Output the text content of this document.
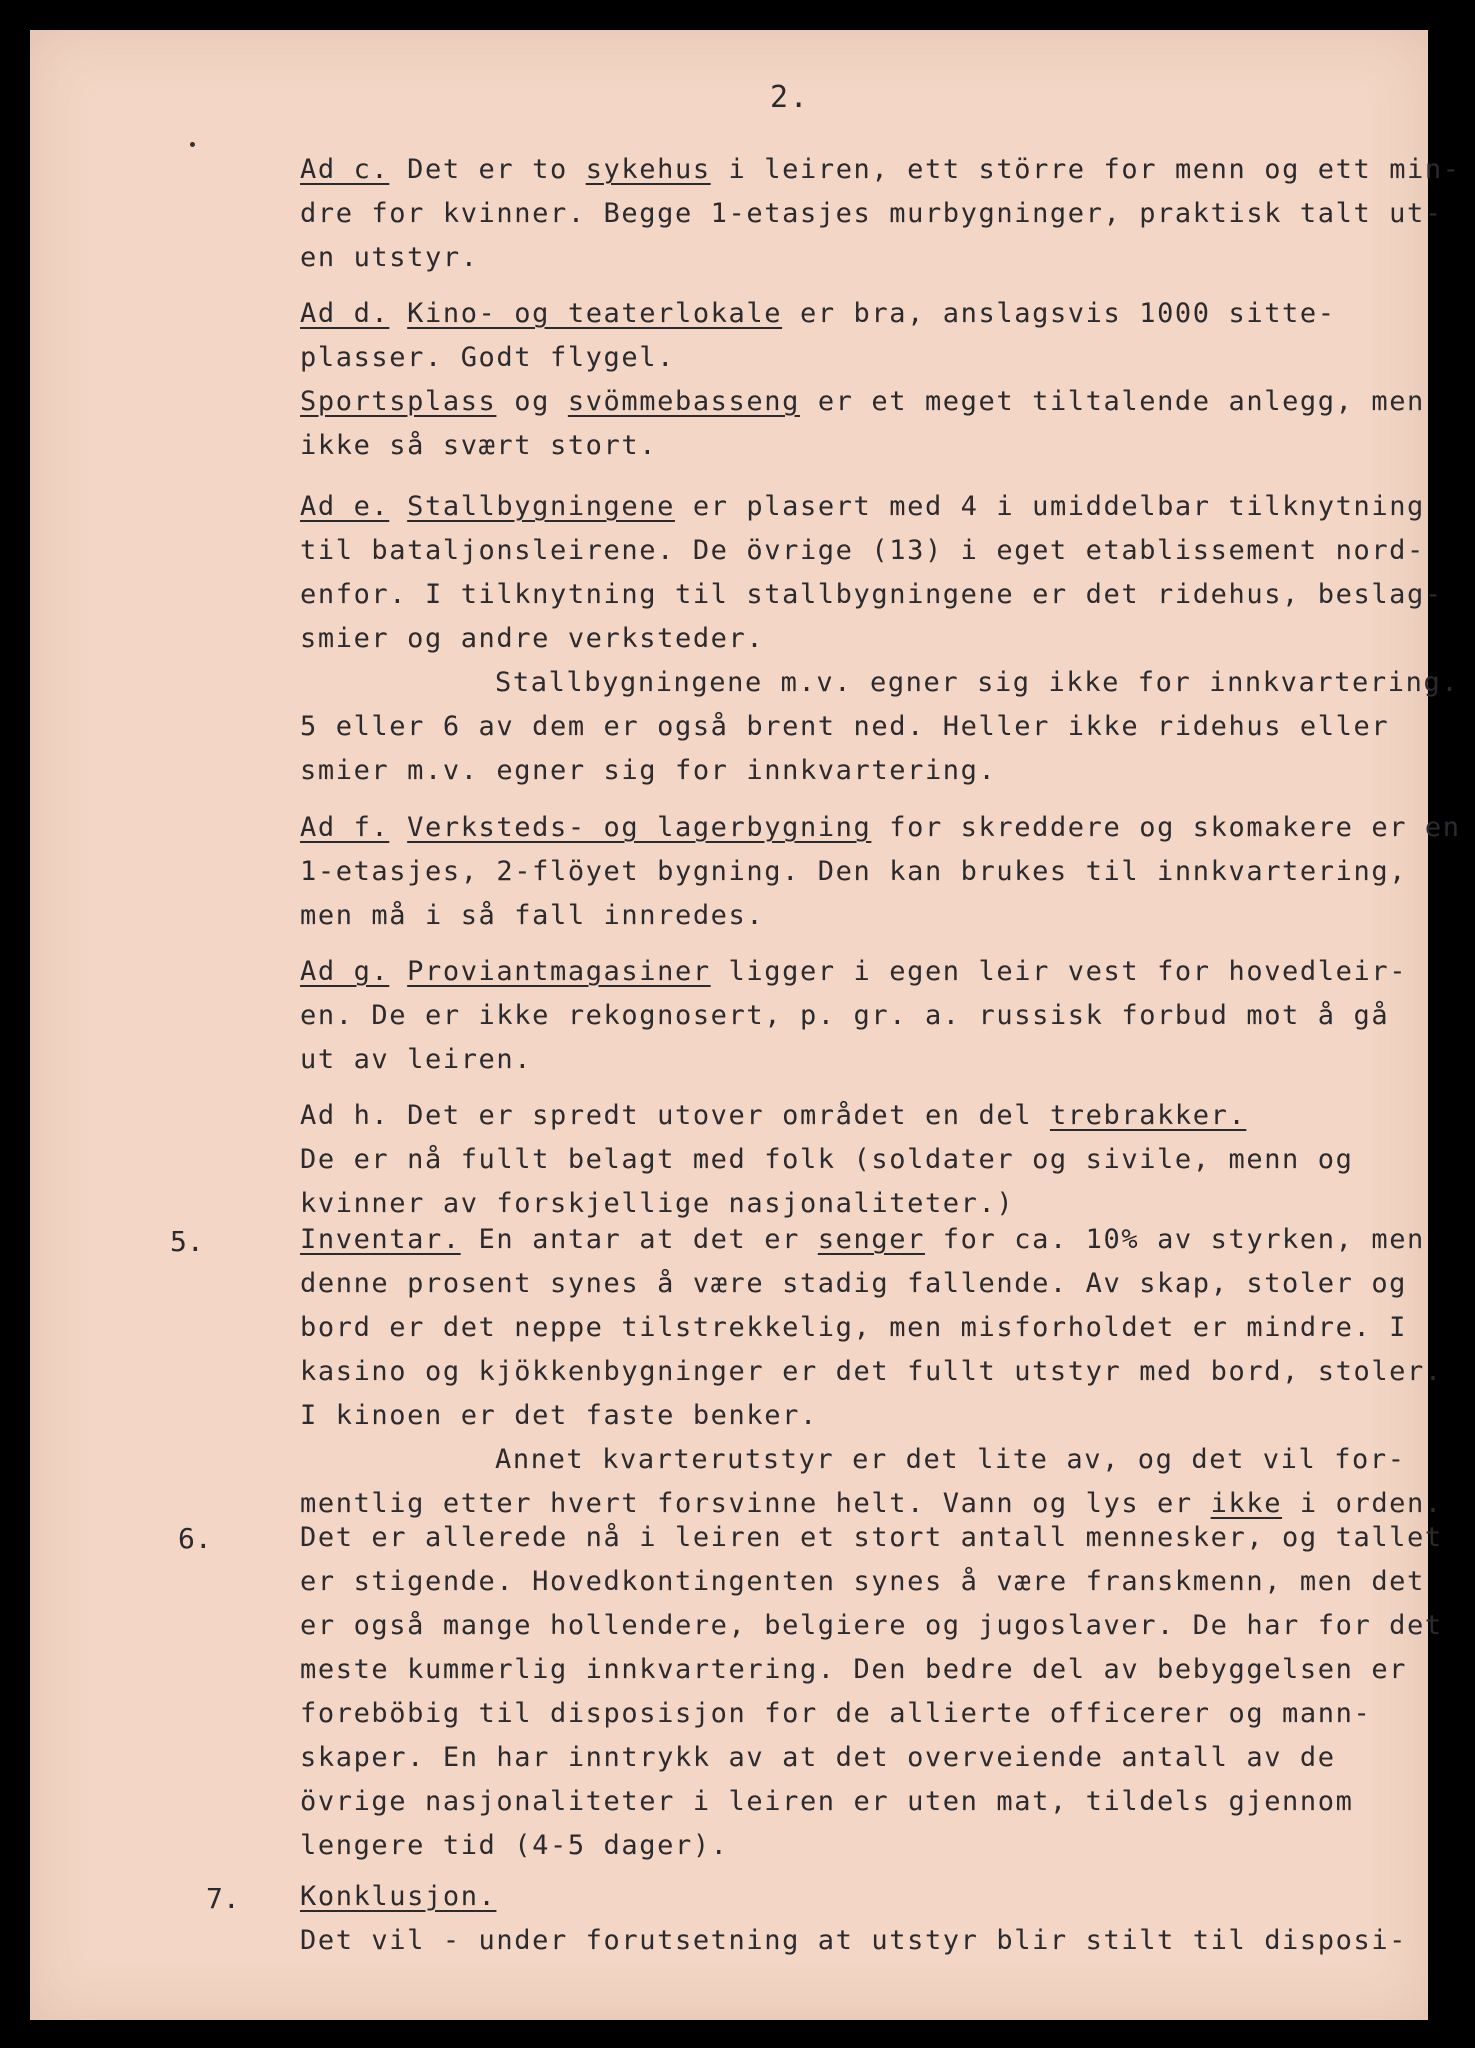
2.
Ad c. Det er to sykehus i leiren, ett större for menn og ett min-
dre for kvinner. Begge 1-etasjes murbygninger, praktisk talt ut-
en utstyr.
Ad d. Kino- og teaterlokale er bra, anslagsvis 1000 sitte-
plasser. Godt flygel.
Sportsplass og svömmebasseng er et meget tiltalende anlegg, men
ikke så svært stort.
Ad e. Stallbygningene er plasert med 4 i umiddelbar tilknytning
til bataljonsleirene. De övrige (13) i eget etablissement nord-
enfor. I tilknytning til stallbygningene er det ridehus, beslag-
smier og andre verksteder.
Stallbygningene m.v. egner sig ikke for innkvartering.
5 eller 6 av dem er også brent ned. Heller ikke ridehus eller
smier m.v. egner sig for innkvartering.
Ad f. Verksteds- og lagerbygning for skreddere og skomakere er en
1-etasjes, 2-flöyet bygning. Den kan brukes til innkvartering,
men må i så fall innredes.
Ad g. Proviantmagasiner ligger i egen leir vest for hovedleir-
en. De er ikke rekognosert, p. gr. a. russisk forbud mot å gå
ut av leiren.
Ad h. Det er spredt utover området en del trebrakker.
De er nå fullt belagt med folk (soldater og sivile, menn og
kvinner av forskjellige nasjonaliteter.)
5.	Inventar. En antar at det er senger for ca. 10% av styrken, men
denne prosent synes å være stadig fallende. Av skap, stoler og
bord er det neppe tilstrekkelig, men misforholdet er mindre. I
kasino og kjökkenbygninger er det fullt utstyr med bord, stoler.
I kinoen er det faste benker.
Annet kvarterutstyr er det lite av, og det vil for-
mentlig etter hvert forsvinne helt. Vann og lys er ikke i orden.
6.	Det er allerede nå i leiren et stort antall mennesker, og tallet
er stigende. Hovedkontingenten synes å være franskmenn, men det
er også mange hollendere, belgiere og jugoslaver. De har for det
meste kummerlig innkvartering. Den bedre del av bebyggelsen er
foreböbig til disposisjon for de allierte officerer og mann-
skaper. En har inntrykk av at det overveiende antall av de
övrige nasjonaliteter i leiren er uten mat, tildels gjennom
lengere tid (4-5 dager).
7. Konklusjon.
Det vil - under forutsetning at utstyr blir stilt til disposi-
